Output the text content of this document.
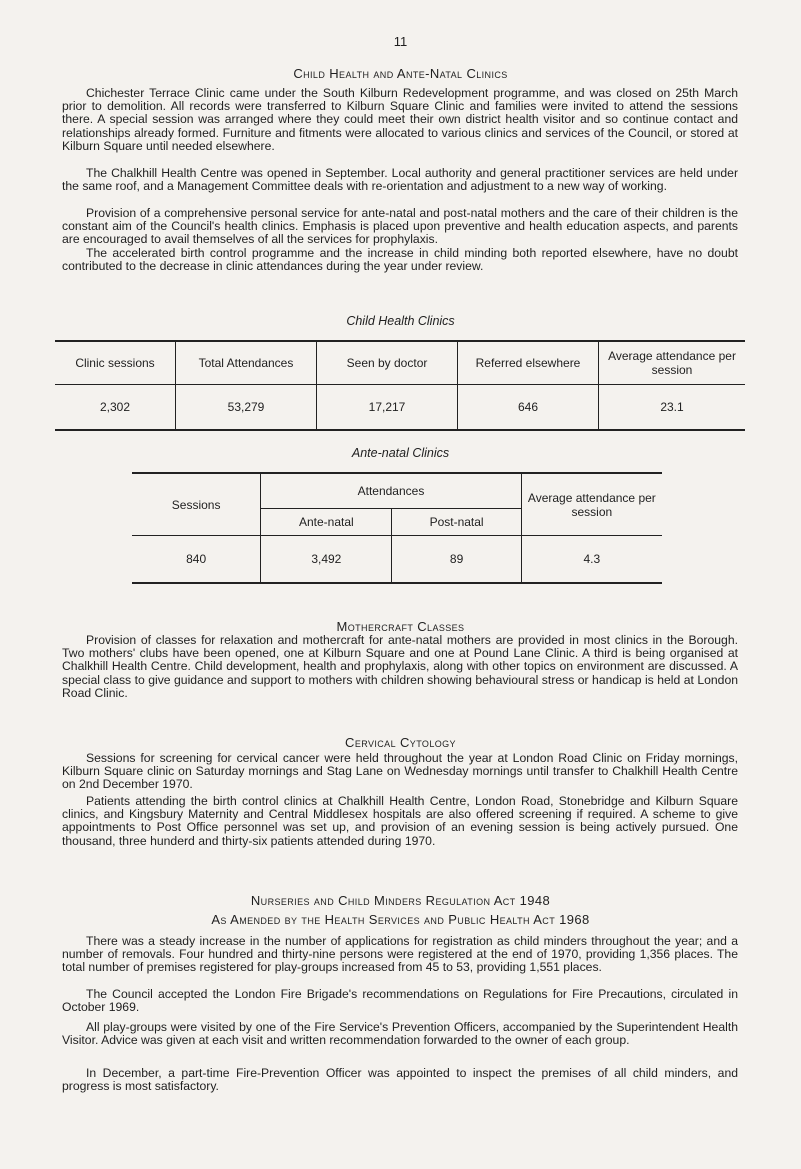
11
Child Health and Ante-Natal Clinics

Chichester Terrace Clinic came under the South Kilburn Redevelopment programme, and was closed on 25th March prior to demolition. All records were transferred to Kilburn Square Clinic and families were invited to attend the sessions there. A special session was arranged where they could meet their own district health visitor and so continue contact and relationships already formed. Furniture and fitments were allocated to various clinics and services of the Council, or stored at Kilburn Square until needed elsewhere.

The Chalkhill Health Centre was opened in September. Local authority and general practitioner services are held under the same roof, and a Management Committee deals with re-orientation and adjustment to a new way of working.

Provision of a comprehensive personal service for ante-natal and post-natal mothers and the care of their children is the constant aim of the Council's health clinics. Emphasis is placed upon preventive and health education aspects, and parents are encouraged to avail themselves of all the services for prophylaxis.

The accelerated birth control programme and the increase in child minding both reported elsewhere, have no doubt contributed to the decrease in clinic attendances during the year under review.

Child Health Clinics
Clinic sessions	Total Attendances	Seen by doctor	Referred elsewhere	Average attendance per session
2,302	53,279	17,217	646	23.1
Ante-natal Clinics
Sessions	Attendances		Average attendance per session
	Ante-natal	Post-natal	
840	3,492	89	4.3
Mothercraft Classes

Provision of classes for relaxation and mothercraft for ante-natal mothers are provided in most clinics in the Borough. Two mothers' clubs have been opened, one at Kilburn Square and one at Pound Lane Clinic. A third is being organised at Chalkhill Health Centre. Child development, health and prophylaxis, along with other topics on environment are discussed. A special class to give guidance and support to mothers with children showing behavioural stress or handicap is held at London Road Clinic.

Cervical Cytology

Sessions for screening for cervical cancer were held throughout the year at London Road Clinic on Friday mornings, Kilburn Square clinic on Saturday mornings and Stag Lane on Wednesday mornings until transfer to Chalkhill Health Centre on 2nd December 1970.

Patients attending the birth control clinics at Chalkhill Health Centre, London Road, Stonebridge and Kilburn Square clinics, and Kingsbury Maternity and Central Middlesex hospitals are also offered screening if required. A scheme to give appointments to Post Office personnel was set up, and provision of an evening session is being actively pursued. One thousand, three hunderd and thirty-six patients attended during 1970.

Nurseries and Child Minders Regulation Act 1948
As Amended by the Health Services and Public Health Act 1968

There was a steady increase in the number of applications for registration as child minders throughout the year; and a number of removals. Four hundred and thirty-nine persons were registered at the end of 1970, providing 1,356 places. The total number of premises registered for play-groups increased from 45 to 53, providing 1,551 places.

The Council accepted the London Fire Brigade's recommendations on Regulations for Fire Precautions, circulated in October 1969.

All play-groups were visited by one of the Fire Service's Prevention Officers, accompanied by the Superintendent Health Visitor. Advice was given at each visit and written recommendation forwarded to the owner of each group.

In December, a part-time Fire-Prevention Officer was appointed to inspect the premises of all child minders, and progress is most satisfactory.
